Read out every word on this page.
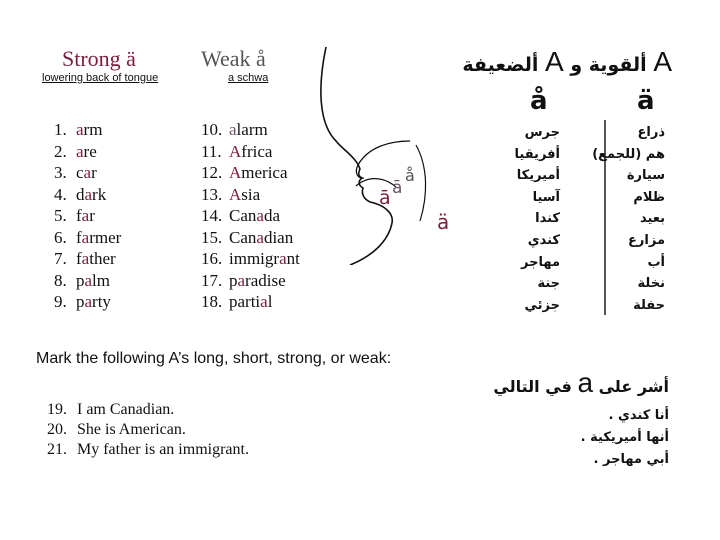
Strong ä
lowering back of tongue
Weak å
a schwa
1. arm
2. are
3. car
4. dark
5. far
6. farmer
7. father
8. palm
9. party
10. alarm
11. Africa
12. America
13. Asia
14. Canada
15. Canadian
16. immigrant
17. paradise
18. partial
ā ā
å
ä
A ألقوية و A ألضعيفة
å	ä
جرس
أفريقيا
أميريكا
آسيا
كندا
كندي
مهاجر
جنة
جزئي
ذراع
هم (للجمع)
سيارة
ظلام
بعيد
مزارع
أب
نخلة
حفلة
Mark the following A’s long, short, strong, or weak:
19. I am Canadian.
20. She is American.
21. My father is an immigrant.
أشر على a في التالي
أنا كندي .
أنها أميريكية .
أبي مهاجر .
